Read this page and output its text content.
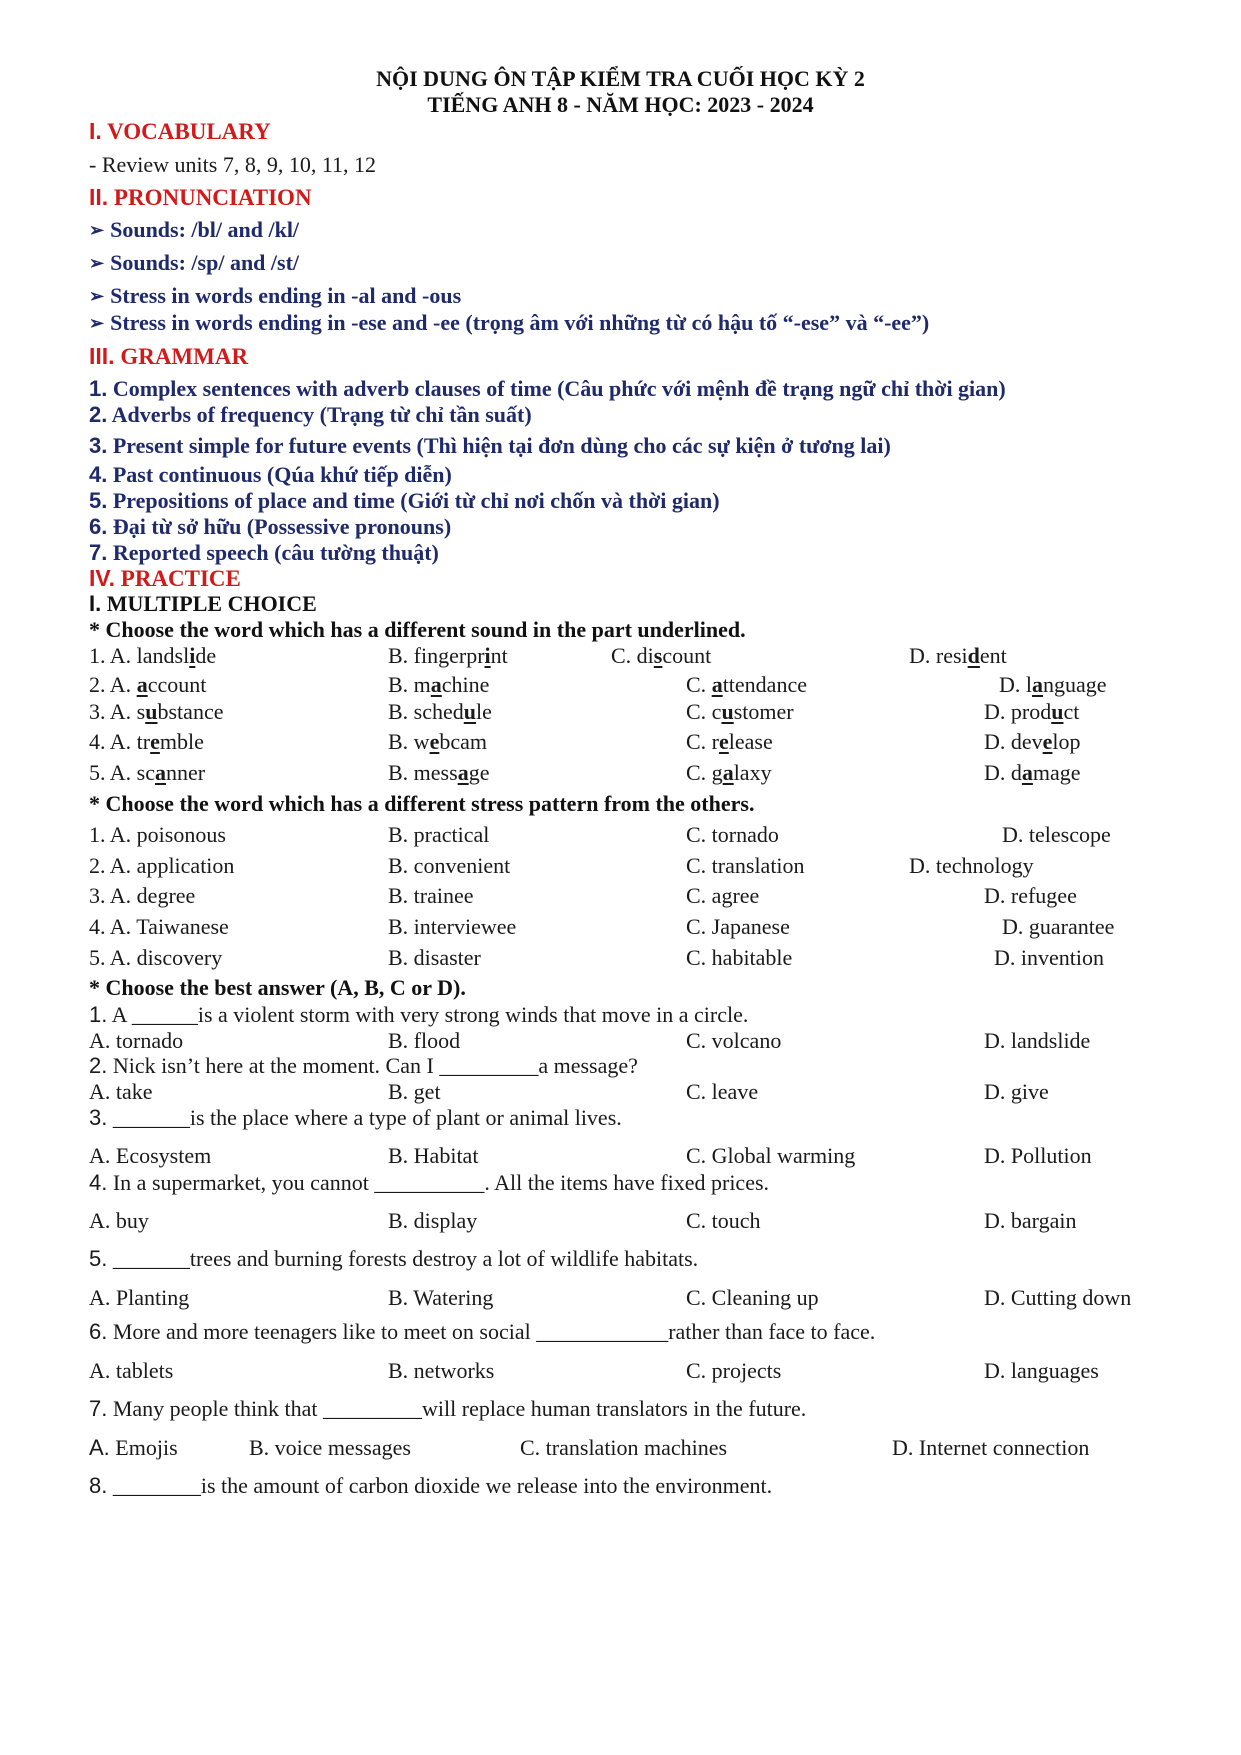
NỘI DUNG ÔN TẬP KIỂM TRA CUỐI HỌC KỲ 2
TIẾNG ANH 8 - NĂM HỌC: 2023 - 2024
I. VOCABULARY
- Review units 7, 8, 9, 10, 11, 12
II. PRONUNCIATION
➢ Sounds: /bl/ and /kl/
➢ Sounds: /sp/ and /st/
➢ Stress in words ending in -al and -ous
➢ Stress in words ending in -ese and -ee (trọng âm với những từ có hậu tố “-ese” và “-ee”)
III. GRAMMAR
1. Complex sentences with adverb clauses of time (Câu phức với mệnh đề trạng ngữ chỉ thời gian)
2. Adverbs of frequency (Trạng từ chỉ tần suất)
3. Present simple for future events (Thì hiện tại đơn dùng cho các sự kiện ở tương lai)
4. Past continuous (Qúa khứ tiếp diễn)
5. Prepositions of place and time (Giới từ chỉ nơi chốn và thời gian)
6. Đại từ sở hữu (Possessive pronouns)
7. Reported speech (câu tường thuật)
IV. PRACTICE
I. MULTIPLE CHOICE
* Choose the word which has a different sound in the part underlined.
1. A. landslide	B. fingerprint	C. discount	D. resident
2. A. account	B. machine	C. attendance	D. language
3. A. substance	B. schedule	C. customer	D. product
4. A. tremble	B. webcam	C. release	D. develop
5. A. scanner	B. message	C. galaxy	D. damage
* Choose the word which has a different stress pattern from the others.
1. A. poisonous	B. practical	C. tornado	D. telescope
2. A. application	B. convenient	C. translation	D. technology
3. A. degree	B. trainee	C. agree	D. refugee
4. A. Taiwanese	B. interviewee	C. Japanese	D. guarantee
5. A. discovery	B. disaster	C. habitable	D. invention
* Choose the best answer (A, B, C or D).
1. A ______is a violent storm with very strong winds that move in a circle.
A. tornado	B. flood	C. volcano	D. landslide
2. Nick isn’t here at the moment. Can I _________a message?
A. take	B. get	C. leave	D. give
3. _______is the place where a type of plant or animal lives.
A. Ecosystem	B. Habitat	C. Global warming	D. Pollution
4. In a supermarket, you cannot __________. All the items have fixed prices.
A. buy	B. display	C. touch	D. bargain
5. _______trees and burning forests destroy a lot of wildlife habitats.
A. Planting	B. Watering	C. Cleaning up	D. Cutting down
6. More and more teenagers like to meet on social ____________rather than face to face.
A. tablets	B. networks	C. projects	D. languages
7. Many people think that _________will replace human translators in the future.
A. Emojis	B. voice messages	C. translation machines	D. Internet connection
8. ________is the amount of carbon dioxide we release into the environment.
